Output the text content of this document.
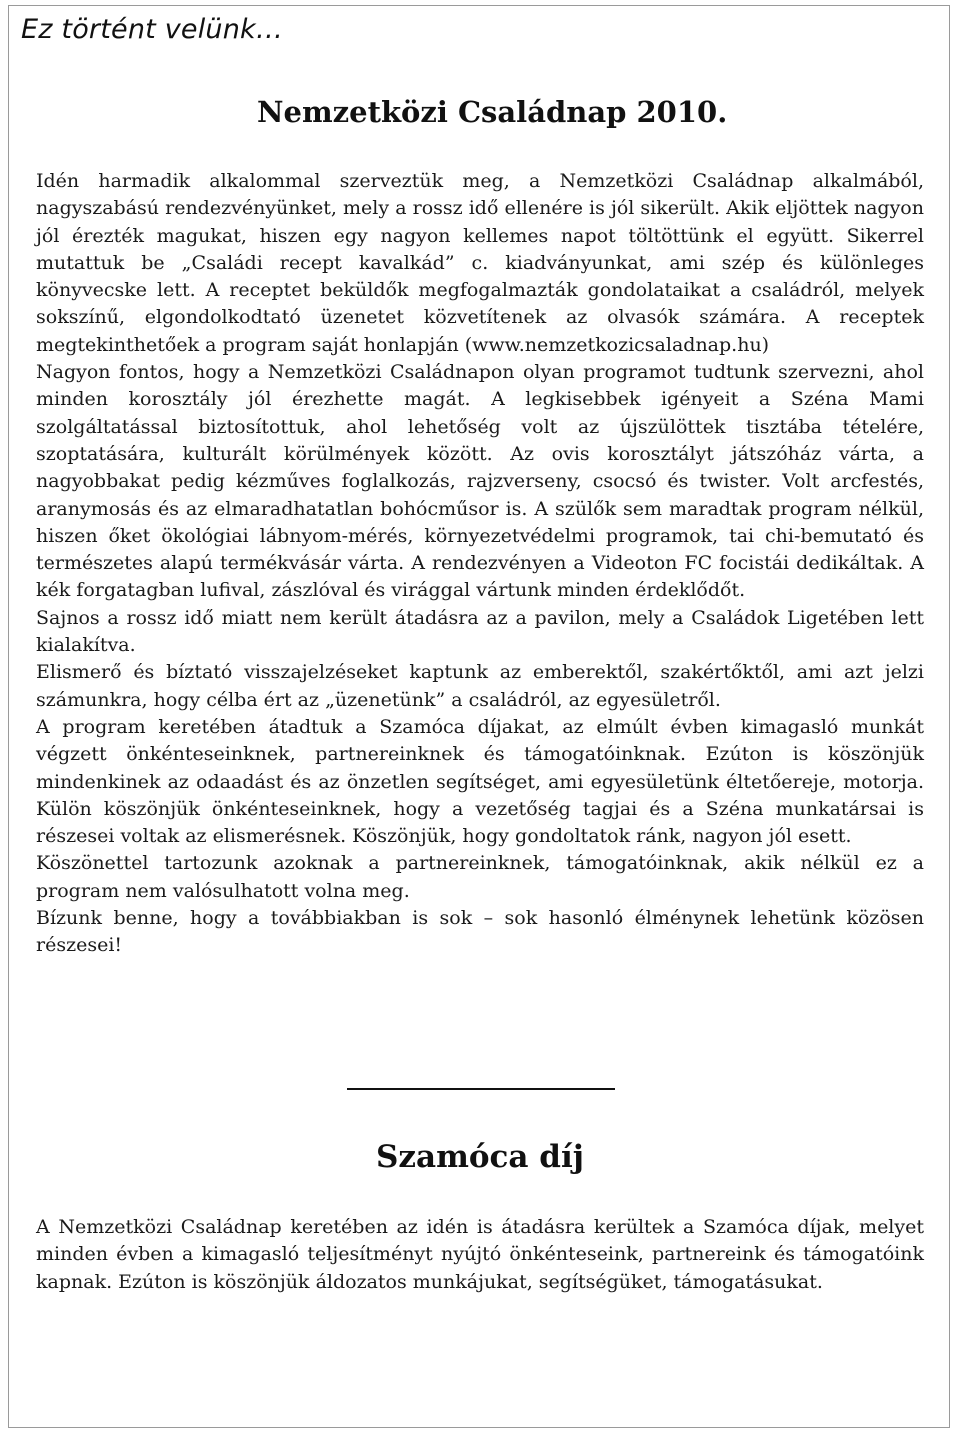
Ez történt velünk…
Nemzetközi Családnap 2010.

Idén harmadik alkalommal szerveztük meg, a Nemzetközi Családnap alkalmából, nagyszabású rendezvényünket, mely a rossz idő ellenére is jól sikerült. Akik eljöttek nagyon jól érezték magukat, hiszen egy nagyon kellemes napot töltöttünk el együtt. Sikerrel mutattuk be „Családi recept kavalkád” c. kiadványunkat, ami szép és különleges könyvecske lett. A receptet beküldők megfogalmazták gondolataikat a családról, melyek sokszínű, elgondolkodtató üzenetet közvetítenek az olvasók számára. A receptek megtekinthetőek a program saját honlapján (www.nemzetkozicsaladnap.hu)

Nagyon fontos, hogy a Nemzetközi Családnapon olyan programot tudtunk szervezni, ahol minden korosztály jól érezhette magát. A legkisebbek igényeit a Széna Mami szolgáltatással biztosítottuk, ahol lehetőség volt az újszülöttek tisztába tételére, szoptatására, kulturált körülmények között. Az ovis korosztályt játszóház várta, a nagyobbakat pedig kézműves foglalkozás, rajzverseny, csocsó és twister. Volt arcfestés, aranymosás és az elmaradhatatlan bohócműsor is. A szülők sem maradtak program nélkül, hiszen őket ökológiai lábnyom-mérés, környezetvédelmi programok, tai chi-bemutató és természetes alapú termékvásár várta. A rendezvényen a Videoton FC focistái dedikáltak. A kék forgatagban lufival, zászlóval és virággal vártunk minden érdeklődőt.

Sajnos a rossz idő miatt nem került átadásra az a pavilon, mely a Családok Ligetében lett kialakítva.

Elismerő és bíztató visszajelzéseket kaptunk az emberektől, szakértőktől, ami azt jelzi számunkra, hogy célba ért az „üzenetünk” a családról, az egyesületről.

A program keretében átadtuk a Szamóca díjakat, az elmúlt évben kimagasló munkát végzett önkénteseinknek, partnereinknek és támogatóinknak. Ezúton is köszönjük mindenkinek az odaadást és az önzetlen segítséget, ami egyesületünk éltetőereje, motorja. Külön köszönjük önkénteseinknek, hogy a vezetőség tagjai és a Széna munkatársai is részesei voltak az elismerésnek. Köszönjük, hogy gondoltatok ránk, nagyon jól esett.

Köszönettel tartozunk azoknak a partnereinknek, támogatóinknak, akik nélkül ez a program nem valósulhatott volna meg.

Bízunk benne, hogy a továbbiakban is sok – sok hasonló élménynek lehetünk közösen részesei!

Szamóca díj

A Nemzetközi Családnap keretében az idén is átadásra kerültek a Szamóca díjak, melyet minden évben a kimagasló teljesítményt nyújtó önkénteseink, partnereink és támogatóink kapnak. Ezúton is köszönjük áldozatos munkájukat, segítségüket, támogatásukat.
